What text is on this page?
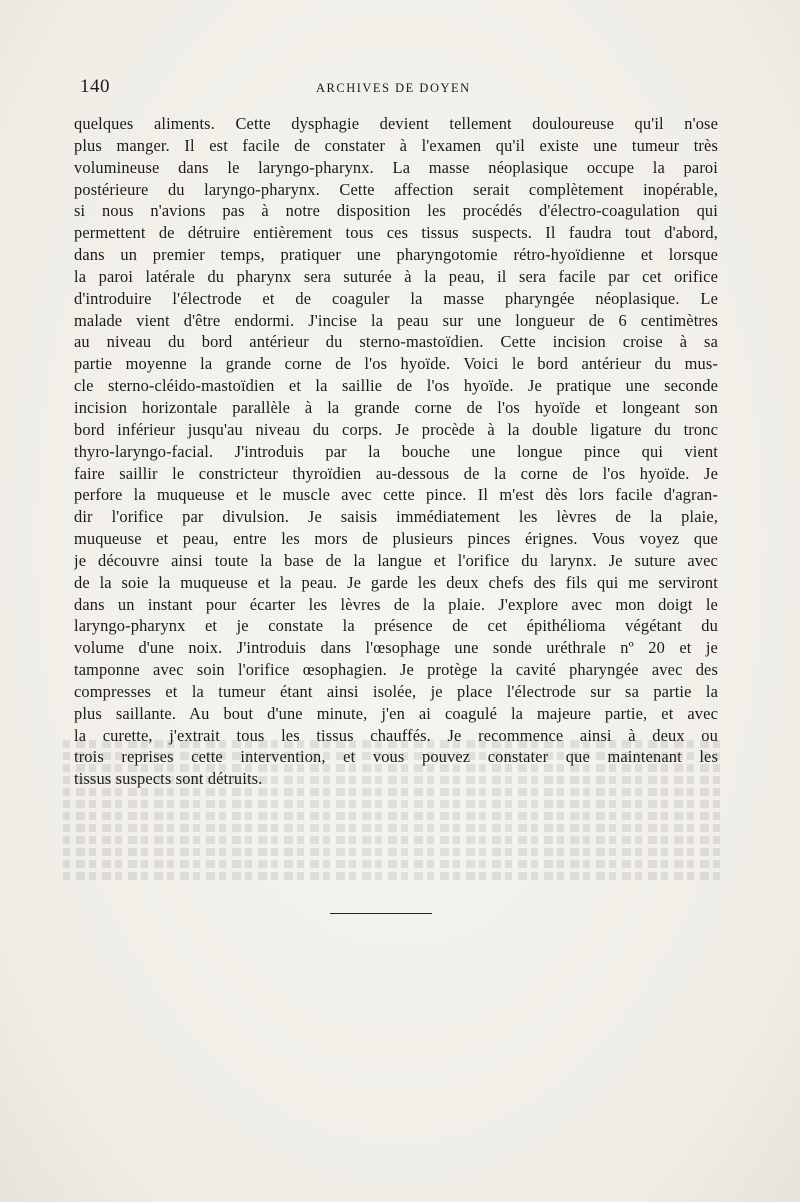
140	ARCHIVES DE DOYEN
quelques aliments. Cette dysphagie devient tellement douloureuse qu'il n'ose
plus manger. Il est facile de constater à l'examen qu'il existe une tumeur très
volumineuse dans le laryngo-pharynx. La masse néoplasique occupe la paroi
postérieure du laryngo-pharynx. Cette affection serait complètement inopérable,
si nous n'avions pas à notre disposition les procédés d'électro-coagulation qui
permettent de détruire entièrement tous ces tissus suspects. Il faudra tout d'abord,
dans un premier temps, pratiquer une pharyngotomie rétro-hyoïdienne et lorsque
la paroi latérale du pharynx sera suturée à la peau, il sera facile par cet orifice
d'introduire l'électrode et de coaguler la masse pharyngée néoplasique. Le
malade vient d'être endormi. J'incise la peau sur une longueur de 6 centimètres
au niveau du bord antérieur du sterno-mastoïdien. Cette incision croise à sa
partie moyenne la grande corne de l'os hyoïde. Voici le bord antérieur du mus-
cle sterno-cléido-mastoïdien et la saillie de l'os hyoïde. Je pratique une seconde
incision horizontale parallèle à la grande corne de l'os hyoïde et longeant son
bord inférieur jusqu'au niveau du corps. Je procède à la double ligature du tronc
thyro-laryngo-facial. J'introduis par la bouche une longue pince qui vient
faire saillir le constricteur thyroïdien au-dessous de la corne de l'os hyoïde. Je
perfore la muqueuse et le muscle avec cette pince. Il m'est dès lors facile d'agran-
dir l'orifice par divulsion. Je saisis immédiatement les lèvres de la plaie,
muqueuse et peau, entre les mors de plusieurs pinces érignes. Vous voyez que
je découvre ainsi toute la base de la langue et l'orifice du larynx. Je suture avec
de la soie la muqueuse et la peau. Je garde les deux chefs des fils qui me serviront
dans un instant pour écarter les lèvres de la plaie. J'explore avec mon doigt le
laryngo-pharynx et je constate la présence de cet épithélioma végétant du
volume d'une noix. J'introduis dans l'œsophage une sonde uréthrale nº 20 et je
tamponne avec soin l'orifice œsophagien. Je protège la cavité pharyngée avec des
compresses et la tumeur étant ainsi isolée, je place l'électrode sur sa partie la
plus saillante. Au bout d'une minute, j'en ai coagulé la majeure partie, et avec
la curette, j'extrait tous les tissus chauffés. Je recommence ainsi à deux ou
trois reprises cette intervention, et vous pouvez constater que maintenant les
tissus suspects sont détruits.
